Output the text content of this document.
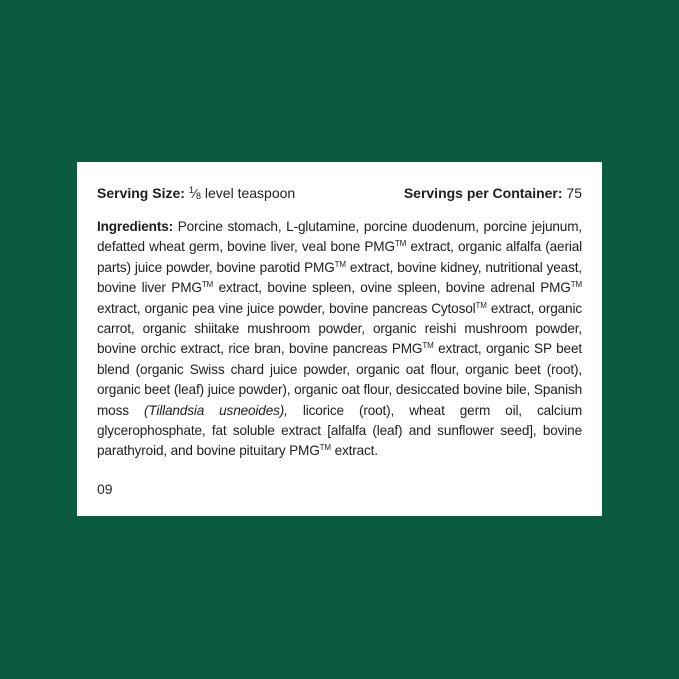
Serving Size: $^1$⁄8 level teaspoon	Servings per Container: 75
Ingredients: Porcine stomach, L-glutamine, porcine duodenum, porcine jejunum, defatted wheat germ, bovine liver, veal bone PMG™ extract, organic alfalfa (aerial parts) juice powder, bovine parotid PMG™ extract, bovine kidney, nutritional yeast, bovine liver PMG™ extract, bovine spleen, ovine spleen, bovine adrenal PMG™ extract, organic pea vine juice powder, bovine pancreas Cytosol™ extract, organic carrot, organic shiitake mushroom powder, organic reishi mushroom powder, bovine orchic extract, rice bran, bovine pancreas PMG™ extract, organic SP beet blend (organic Swiss chard juice powder, organic oat flour, organic beet (root), organic beet (leaf) juice powder), organic oat flour, desiccated bovine bile, Spanish moss (Tillandsia usneoides), licorice (root), wheat germ oil, calcium glycerophosphate, fat soluble extract [alfalfa (leaf) and sunflower seed], bovine parathyroid, and bovine pituitary PMG™ extract.
09
